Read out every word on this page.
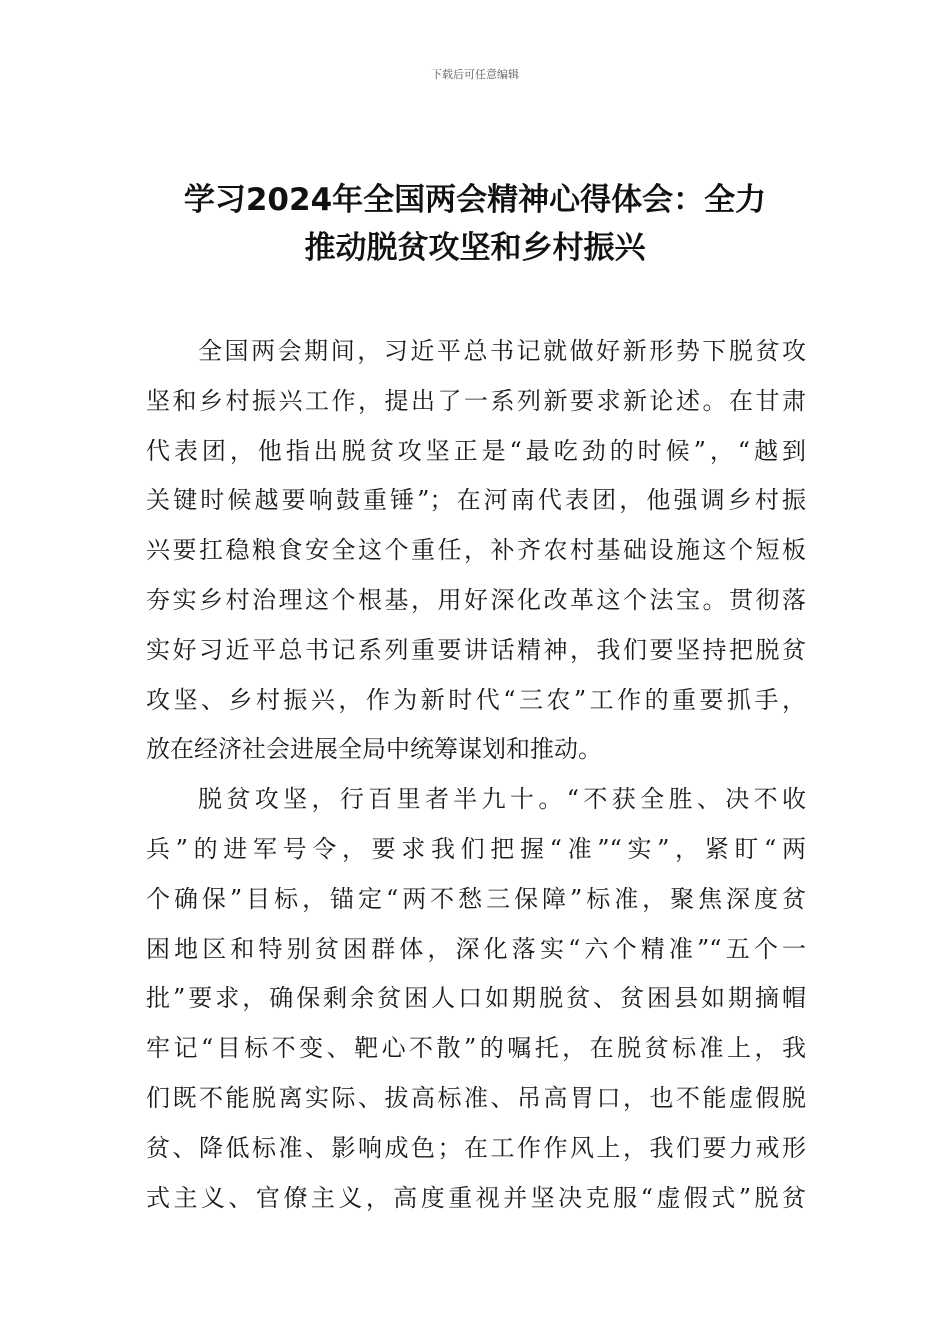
下载后可任意编辑
学习2024年全国两会精神心得体会：全力
推动脱贫攻坚和乡村振兴
全国两会期间，习近平总书记就做好新形势下脱贫攻
坚和乡村振兴工作，提出了一系列新要求新论述。在甘肃
代表团，他指出脱贫攻坚正是“最吃劲的时候”，“越到
关键时候越要响鼓重锤”；在河南代表团，他强调乡村振
兴要扛稳粮食安全这个重任，补齐农村基础设施这个短板
夯实乡村治理这个根基，用好深化改革这个法宝。贯彻落
实好习近平总书记系列重要讲话精神，我们要坚持把脱贫
攻坚、乡村振兴，作为新时代“三农”工作的重要抓手，
放在经济社会进展全局中统筹谋划和推动。
脱贫攻坚，行百里者半九十。“不获全胜、决不收
兵”的进军号令，要求我们把握“准”“实”，紧盯“两
个确保”目标，锚定“两不愁三保障”标准，聚焦深度贫
困地区和特别贫困群体，深化落实“六个精准”“五个一
批”要求，确保剩余贫困人口如期脱贫、贫困县如期摘帽
牢记“目标不变、靶心不散”的嘱托，在脱贫标准上，我
们既不能脱离实际、拔高标准、吊高胃口，也不能虚假脱
贫、降低标准、影响成色；在工作作风上，我们要力戒形
式主义、官僚主义，高度重视并坚决克服“虚假式”脱贫
